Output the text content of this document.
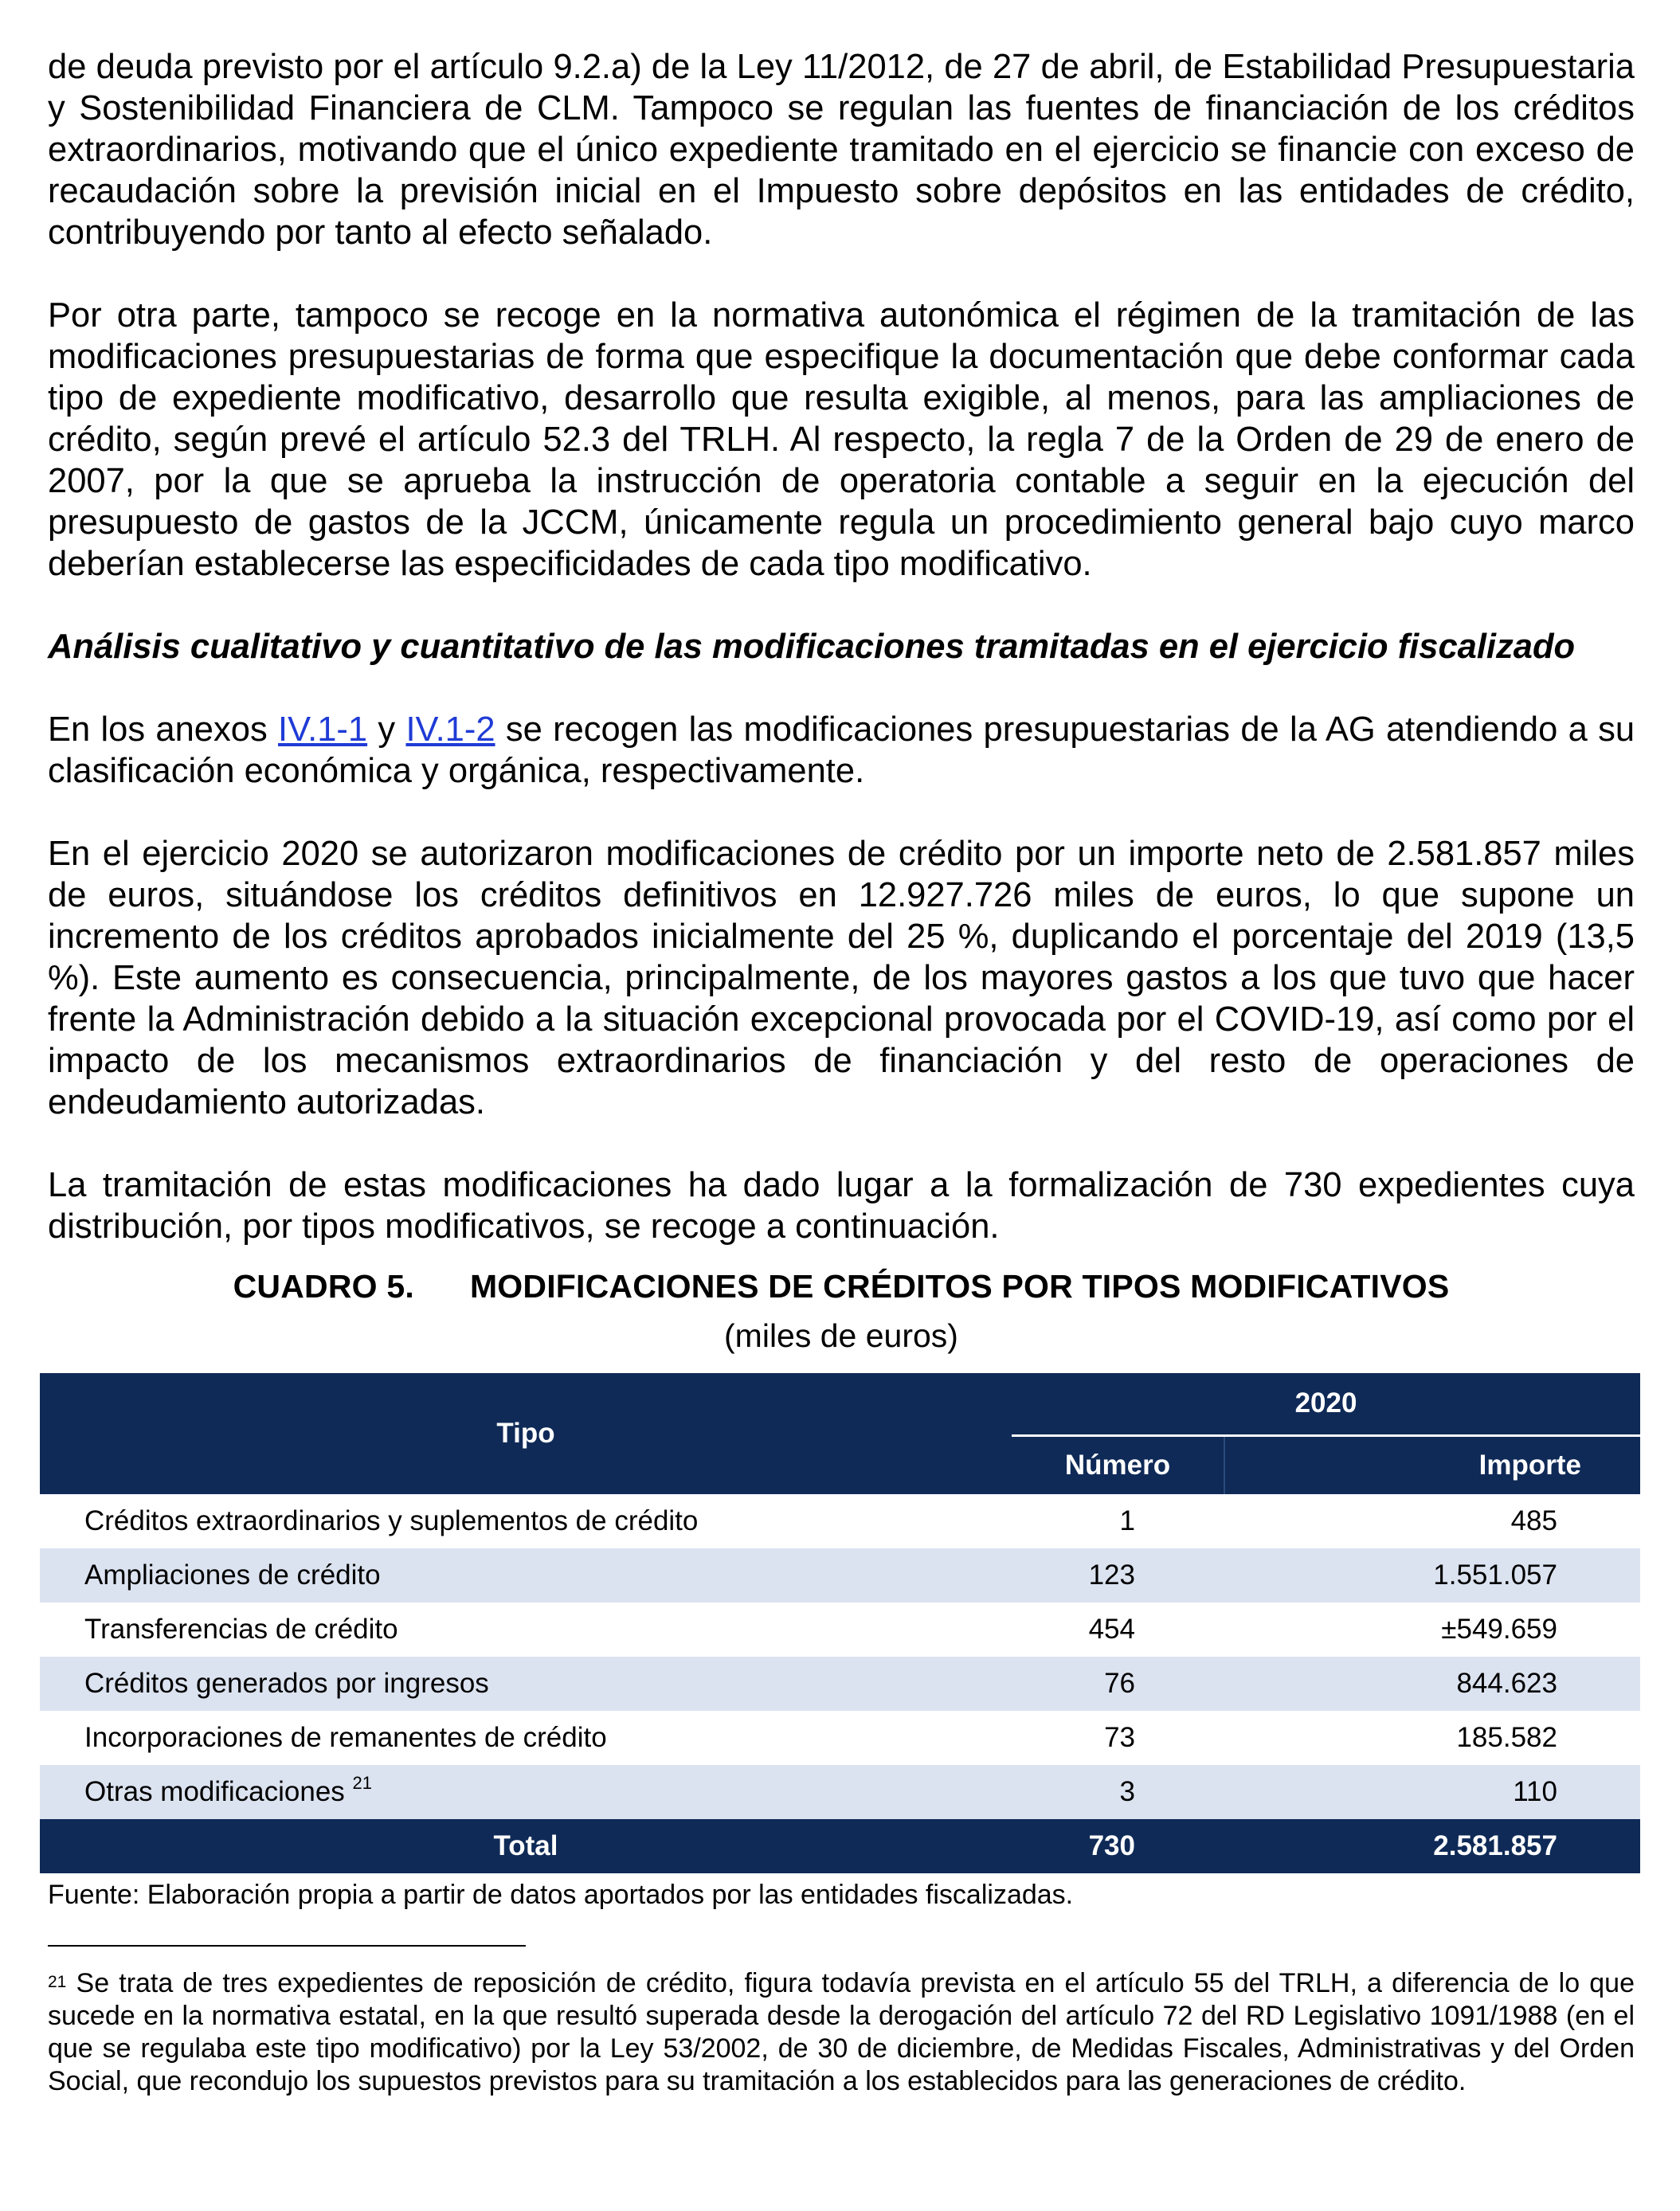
de deuda previsto por el artículo 9.2.a) de la Ley 11/2012, de 27 de abril, de Estabilidad Presupuestaria y Sostenibilidad Financiera de CLM. Tampoco se regulan las fuentes de financiación de los créditos extraordinarios, motivando que el único expediente tramitado en el ejercicio se financie con exceso de recaudación sobre la previsión inicial en el Impuesto sobre depósitos en las entidades de crédito, contribuyendo por tanto al efecto señalado.

Por otra parte, tampoco se recoge en la normativa autonómica el régimen de la tramitación de las modificaciones presupuestarias de forma que especifique la documentación que debe conformar cada tipo de expediente modificativo, desarrollo que resulta exigible, al menos, para las ampliaciones de crédito, según prevé el artículo 52.3 del TRLH. Al respecto, la regla 7 de la Orden de 29 de enero de 2007, por la que se aprueba la instrucción de operatoria contable a seguir en la ejecución del presupuesto de gastos de la JCCM, únicamente regula un procedimiento general bajo cuyo marco deberían establecerse las especificidades de cada tipo modificativo.

Análisis cualitativo y cuantitativo de las modificaciones tramitadas en el ejercicio fiscalizado

En los anexos IV.1-1 y IV.1-2 se recogen las modificaciones presupuestarias de la AG atendiendo a su clasificación económica y orgánica, respectivamente.

En el ejercicio 2020 se autorizaron modificaciones de crédito por un importe neto de 2.581.857 miles de euros, situándose los créditos definitivos en 12.927.726 miles de euros, lo que supone un incremento de los créditos aprobados inicialmente del 25 %, duplicando el porcentaje del 2019 (13,5 %). Este aumento es consecuencia, principalmente, de los mayores gastos a los que tuvo que hacer frente la Administración debido a la situación excepcional provocada por el COVID-19, así como por el impacto de los mecanismos extraordinarios de financiación y del resto de operaciones de endeudamiento autorizadas.

La tramitación de estas modificaciones ha dado lugar a la formalización de 730 expedientes cuya distribución, por tipos modificativos, se recoge a continuación.

CUADRO 5. MODIFICACIONES DE CRÉDITOS POR TIPOS MODIFICATIVOS
(miles de euros)
Tipo	2020	
	Número	Importe
Créditos extraordinarios y suplementos de crédito	1	485
Ampliaciones de crédito	123	1.551.057
Transferencias de crédito	454	±549.659
Créditos generados por ingresos	76	844.623
Incorporaciones de remanentes de crédito	73	185.582
Otras modificaciones $^{21}$	3	110
Total	730	2.581.857

Fuente: Elaboración propia a partir de datos aportados por las entidades fiscalizadas.

$^{21}$ Se trata de tres expedientes de reposición de crédito, figura todavía prevista en el artículo 55 del TRLH, a diferencia de lo que sucede en la normativa estatal, en la que resultó superada desde la derogación del artículo 72 del RD Legislativo 1091/1988 (en el que se regulaba este tipo modificativo) por la Ley 53/2002, de 30 de diciembre, de Medidas Fiscales, Administrativas y del Orden Social, que recondujo los supuestos previstos para su tramitación a los establecidos para las generaciones de crédito.
